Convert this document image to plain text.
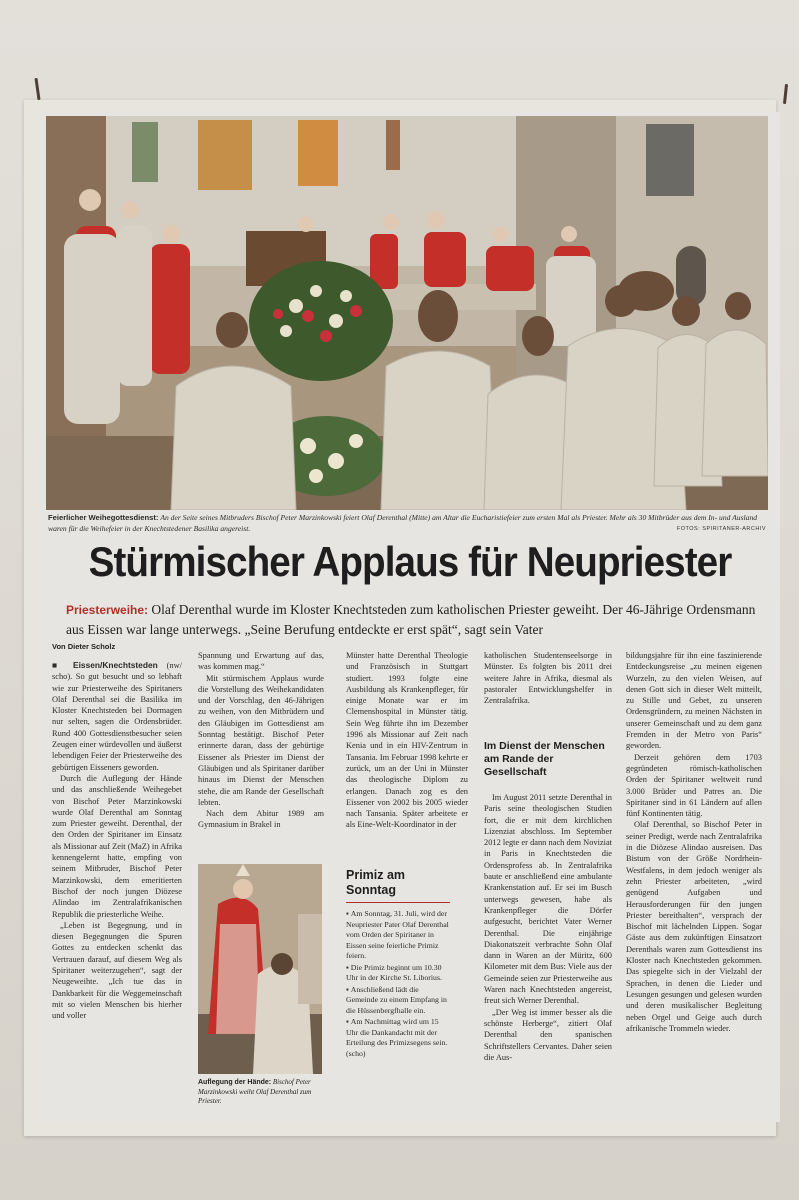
Feierlicher Weihegottesdienst: An der Seite seines Mitbruders Bischof Peter Marzinkowski feiert Olaf Derenthal (Mitte) am Altar die Eucharistiefeier zum ersten Mal als Priester. Mehr als 30 Mitbrüder aus dem In- und Ausland waren für die Weihefeier in der Knechtstedener Basilika angereist.	FOTOS: SPIRITANER-ARCHIV
Stürmischer Applaus für Neupriester
Priesterweihe: Olaf Derenthal wurde im Kloster Knechtsteden zum katholischen Priester geweiht. Der 46-Jährige Ordensmann aus Eissen war lange unterwegs. „Seine Berufung entdeckte er erst spät“, sagt sein Vater
Von Dieter Scholz

■ Eissen/Knechtsteden (nw/ scho). So gut besucht und so lebhaft wie zur Priesterweihe des Spiritaners Olaf Derenthal sei die Basilika im Kloster Knechtsteden bei Dormagen nur selten, sagen die Ordensbrüder. Rund 400 Gottesdienstbesucher seien Zeugen einer würdevollen und äußerst lebendigen Feier der Priesterweihe des gebürtigen Eisseners geworden.

Durch die Auflegung der Hände und das anschließende Weihegebet von Bischof Peter Marzinkowski wurde Olaf Derenthal am Sonntag zum Priester geweiht. Derenthal, der den Orden der Spiritaner im Einsatz als Missionar auf Zeit (MaZ) in Afrika kennengelernt hatte, empfing von seinem Mitbruder, Bischof Peter Marzinkowski, dem emeritierten Bischof der noch jungen Diözese Alindao im Zentralafrikanischen Republik die priesterliche Weihe.

„Leben ist Begegnung, und in diesen Begegnungen die Spuren Gottes zu entdecken schenkt das Vertrauen darauf, auf diesem Weg als Spiritaner weiterzugehen“, sagt der Neugeweihte. „Ich tue das in Dankbarkeit für die Weggemeinschaft mit so vielen Menschen bis hierher und voller

Spannung und Erwartung auf das, was kommen mag.“

Mit stürmischem Applaus wurde die Vorstellung des Weihekandidaten und der Vorschlag, den 46-Jährigen zu weihen, von den Mitbrüdern und den Gläubigen im Gottesdienst am Sonntag bestätigt. Bischof Peter erinnerte daran, dass der gebürtige Eissener als Priester im Dienst der Gläubigen und als Spiritaner darüber hinaus im Dienst der Menschen stehe, die am Rande der Gesellschaft lebten.

Nach dem Abitur 1989 am Gymnasium in Brakel in

Auflegung der Hände: Bischof Peter Marzinkowski weiht Olaf Derenthal zum Priester.

Münster hatte Derenthal Theologie und Französisch in Stuttgart studiert. 1993 folgte eine Ausbildung als Krankenpfleger, für einige Monate war er im Clemenshospital in Münster tätig. Sein Weg führte ihn im Dezember 1996 als Missionar auf Zeit nach Kenia und in ein HIV-Zentrum in Tansania. Im Februar 1998 kehrte er zurück, um an der Uni in Münster das theologische Diplom zu erlangen. Danach zog es den Eissener von 2002 bis 2005 wieder nach Tansania. Später arbeitete er als Eine-Welt-Koordinator in der

Primiz am Sonntag
▪ Am Sonntag, 31. Juli, wird der Neupriester Pater Olaf Derenthal vom Orden der Spiritaner in Eissen seine feierliche Primiz feiern.
▪ Die Primiz beginnt um 10.30 Uhr in der Kirche St. Liborius.
▪ Anschließend lädt die Gemeinde zu einem Empfang in die Hüssenbergfhalle ein.
▪ Am Nachmittag wird um 15 Uhr die Dankandacht mit der Erteilung des Primizsegens sein. (scho)

katholischen Studentenseelsorge in Münster. Es folgten bis 2011 drei weitere Jahre in Afrika, diesmal als pastoraler Entwicklungshelfer in Zentralafrika.

Im Dienst der Menschen am Rande der Gesellschaft

Im August 2011 setzte Derenthal in Paris seine theologischen Studien fort, die er mit dem kirchlichen Lizenziat abschloss. Im September 2012 legte er dann nach dem Noviziat in Paris in Knechtsteden die Ordensprofess ab. In Zentralafrika baute er anschließend eine ambulante Krankenstation auf. Er sei im Busch unterwegs gewesen, habe als Krankenpfleger die Dörfer aufgesucht, berichtet Vater Werner Derenthal. Die einjährige Diakonatszeit verbrachte Sohn Olaf dann in Waren an der Müritz, 600 Kilometer mit dem Bus: Viele aus der Gemeinde seien zur Priesterweihe aus Waren nach Knechtsteden angereist, freut sich Werner Derenthal.

„Der Weg ist immer besser als die schönste Herberge“, zitiert Olaf Derenthal den spanischen Schriftstellers Cervantes. Daher seien die Aus-

bildungsjahre für ihn eine faszinierende Entdeckungsreise „zu meinen eigenen Wurzeln, zu den vielen Weisen, auf denen Gott sich in dieser Welt mitteilt, zu Stille und Gebet, zu unseren Ordensgründern, zu meinen Nächsten in unserer Gemeinschaft und zu dem ganz Fremden in der Metro von Paris“ geworden.

Derzeit gehören dem 1703 gegründeten römisch-katholischen Orden der Spiritaner weltweit rund 3.000 Brüder und Patres an. Die Spiritaner sind in 61 Ländern auf allen fünf Kontinenten tätig.

Olaf Derenthal, so Bischof Peter in seiner Predigt, werde nach Zentralafrika in die Diözese Alindao ausreisen. Das Bistum von der Größe Nordrhein-Westfalens, in dem jedoch weniger als zehn Priester arbeiteten, „wird genügend Aufgaben und Herausforderungen für den jungen Priester bereithalten“, versprach der Bischof mit lächelnden Lippen. Sogar Gäste aus dem zukünftigen Einsatzort Derenthals waren zum Gottesdienst ins Kloster nach Knechtsteden gekommen. Das spiegelte sich in der Vielzahl der Sprachen, in denen die Lieder und Lesungen gesungen und gelesen wurden und deren musikalischer Begleitung neben Orgel und Geige auch durch afrikanische Trommeln wieder.
